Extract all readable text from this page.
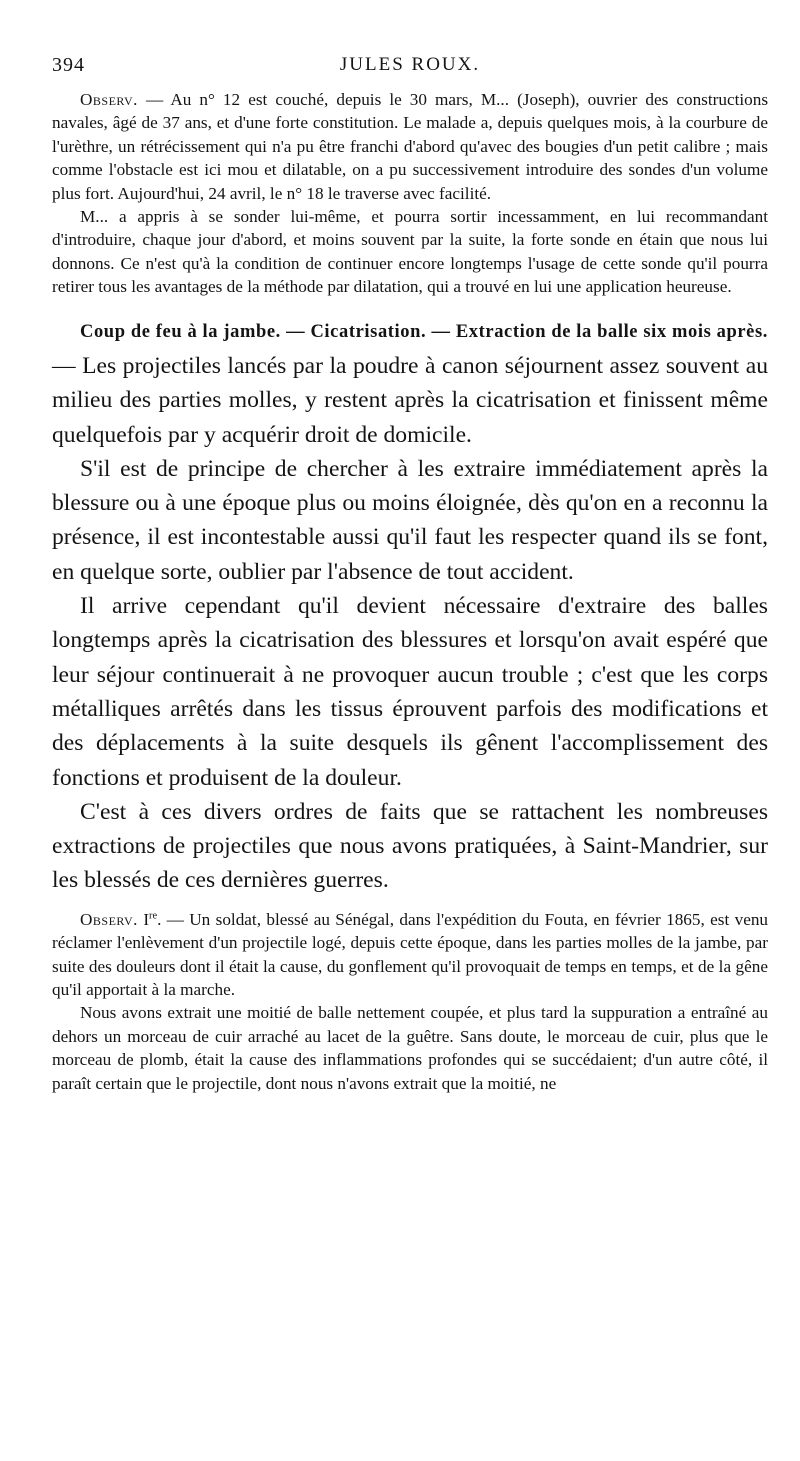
394	JULES ROUX.

Observ. — Au n° 12 est couché, depuis le 30 mars, M... (Joseph), ouvrier des constructions navales, âgé de 37 ans, et d'une forte constitution. Le malade a, depuis quelques mois, à la courbure de l'urèthre, un rétrécissement qui n'a pu être franchi d'abord qu'avec des bougies d'un petit calibre ; mais comme l'obstacle est ici mou et dilatable, on a pu successivement introduire des sondes d'un volume plus fort. Aujourd'hui, 24 avril, le n° 18 le traverse avec facilité.

M... a appris à se sonder lui-même, et pourra sortir incessamment, en lui recommandant d'introduire, chaque jour d'abord, et moins souvent par la suite, la forte sonde en étain que nous lui donnons. Ce n'est qu'à la condition de continuer encore longtemps l'usage de cette sonde qu'il pourra retirer tous les avantages de la méthode par dilatation, qui a trouvé en lui une application heureuse.

Coup de feu à la jambe. — Cicatrisation. — Extraction de la balle six mois après. — Les projectiles lancés par la poudre à canon séjournent assez souvent au milieu des parties molles, y restent après la cicatrisation et finissent même quelquefois par y acquérir droit de domicile.

S'il est de principe de chercher à les extraire immédiatement après la blessure ou à une époque plus ou moins éloignée, dès qu'on en a reconnu la présence, il est incontestable aussi qu'il faut les respecter quand ils se font, en quelque sorte, oublier par l'absence de tout accident.

Il arrive cependant qu'il devient nécessaire d'extraire des balles longtemps après la cicatrisation des blessures et lorsqu'on avait espéré que leur séjour continuerait à ne provoquer aucun trouble ; c'est que les corps métalliques arrêtés dans les tissus éprouvent parfois des modifications et des déplacements à la suite desquels ils gênent l'accomplissement des fonctions et produisent de la douleur.

C'est à ces divers ordres de faits que se rattachent les nombreuses extractions de projectiles que nous avons pratiquées, à Saint-Mandrier, sur les blessés de ces dernières guerres.

Observ. Ire. — Un soldat, blessé au Sénégal, dans l'expédition du Fouta, en février 1865, est venu réclamer l'enlèvement d'un projectile logé, depuis cette époque, dans les parties molles de la jambe, par suite des douleurs dont il était la cause, du gonflement qu'il provoquait de temps en temps, et de la gêne qu'il apportait à la marche.

Nous avons extrait une moitié de balle nettement coupée, et plus tard la suppuration a entraîné au dehors un morceau de cuir arraché au lacet de la guêtre. Sans doute, le morceau de cuir, plus que le morceau de plomb, était la cause des inflammations profondes qui se succédaient; d'un autre côté, il paraît certain que le projectile, dont nous n'avons extrait que la moitié, ne
